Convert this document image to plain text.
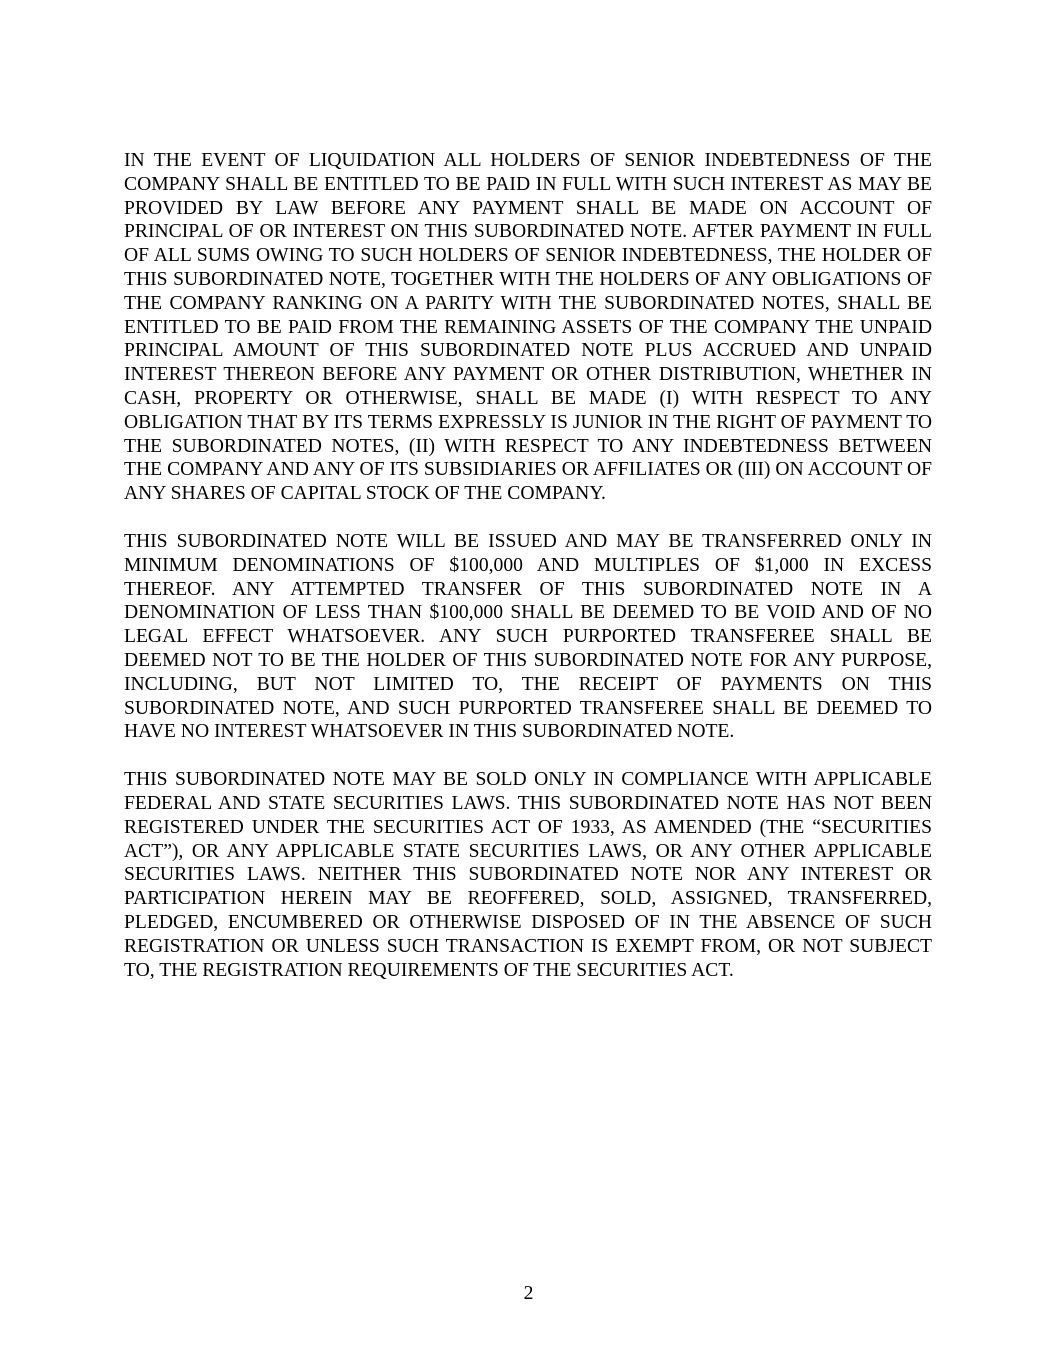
IN THE EVENT OF LIQUIDATION ALL HOLDERS OF SENIOR INDEBTEDNESS OF THE COMPANY SHALL BE ENTITLED TO BE PAID IN FULL WITH SUCH INTEREST AS MAY BE PROVIDED BY LAW BEFORE ANY PAYMENT SHALL BE MADE ON ACCOUNT OF PRINCIPAL OF OR INTEREST ON THIS SUBORDINATED NOTE. AFTER PAYMENT IN FULL OF ALL SUMS OWING TO SUCH HOLDERS OF SENIOR INDEBTEDNESS, THE HOLDER OF THIS SUBORDINATED NOTE, TOGETHER WITH THE HOLDERS OF ANY OBLIGATIONS OF THE COMPANY RANKING ON A PARITY WITH THE SUBORDINATED NOTES, SHALL BE ENTITLED TO BE PAID FROM THE REMAINING ASSETS OF THE COMPANY THE UNPAID PRINCIPAL AMOUNT OF THIS SUBORDINATED NOTE PLUS ACCRUED AND UNPAID INTEREST THEREON BEFORE ANY PAYMENT OR OTHER DISTRIBUTION, WHETHER IN CASH, PROPERTY OR OTHERWISE, SHALL BE MADE (I) WITH RESPECT TO ANY OBLIGATION THAT BY ITS TERMS EXPRESSLY IS JUNIOR IN THE RIGHT OF PAYMENT TO THE SUBORDINATED NOTES, (II) WITH RESPECT TO ANY INDEBTEDNESS BETWEEN THE COMPANY AND ANY OF ITS SUBSIDIARIES OR AFFILIATES OR (III) ON ACCOUNT OF ANY SHARES OF CAPITAL STOCK OF THE COMPANY.

THIS SUBORDINATED NOTE WILL BE ISSUED AND MAY BE TRANSFERRED ONLY IN MINIMUM DENOMINATIONS OF $100,000 AND MULTIPLES OF $1,000 IN EXCESS THEREOF. ANY ATTEMPTED TRANSFER OF THIS SUBORDINATED NOTE IN A DENOMINATION OF LESS THAN $100,000 SHALL BE DEEMED TO BE VOID AND OF NO LEGAL EFFECT WHATSOEVER. ANY SUCH PURPORTED TRANSFEREE SHALL BE DEEMED NOT TO BE THE HOLDER OF THIS SUBORDINATED NOTE FOR ANY PURPOSE, INCLUDING, BUT NOT LIMITED TO, THE RECEIPT OF PAYMENTS ON THIS SUBORDINATED NOTE, AND SUCH PURPORTED TRANSFEREE SHALL BE DEEMED TO HAVE NO INTEREST WHATSOEVER IN THIS SUBORDINATED NOTE.

THIS SUBORDINATED NOTE MAY BE SOLD ONLY IN COMPLIANCE WITH APPLICABLE FEDERAL AND STATE SECURITIES LAWS. THIS SUBORDINATED NOTE HAS NOT BEEN REGISTERED UNDER THE SECURITIES ACT OF 1933, AS AMENDED (THE “SECURITIES ACT”), OR ANY APPLICABLE STATE SECURITIES LAWS, OR ANY OTHER APPLICABLE SECURITIES LAWS. NEITHER THIS SUBORDINATED NOTE NOR ANY INTEREST OR PARTICIPATION HEREIN MAY BE REOFFERED, SOLD, ASSIGNED, TRANSFERRED, PLEDGED, ENCUMBERED OR OTHERWISE DISPOSED OF IN THE ABSENCE OF SUCH REGISTRATION OR UNLESS SUCH TRANSACTION IS EXEMPT FROM, OR NOT SUBJECT TO, THE REGISTRATION REQUIREMENTS OF THE SECURITIES ACT.

2
